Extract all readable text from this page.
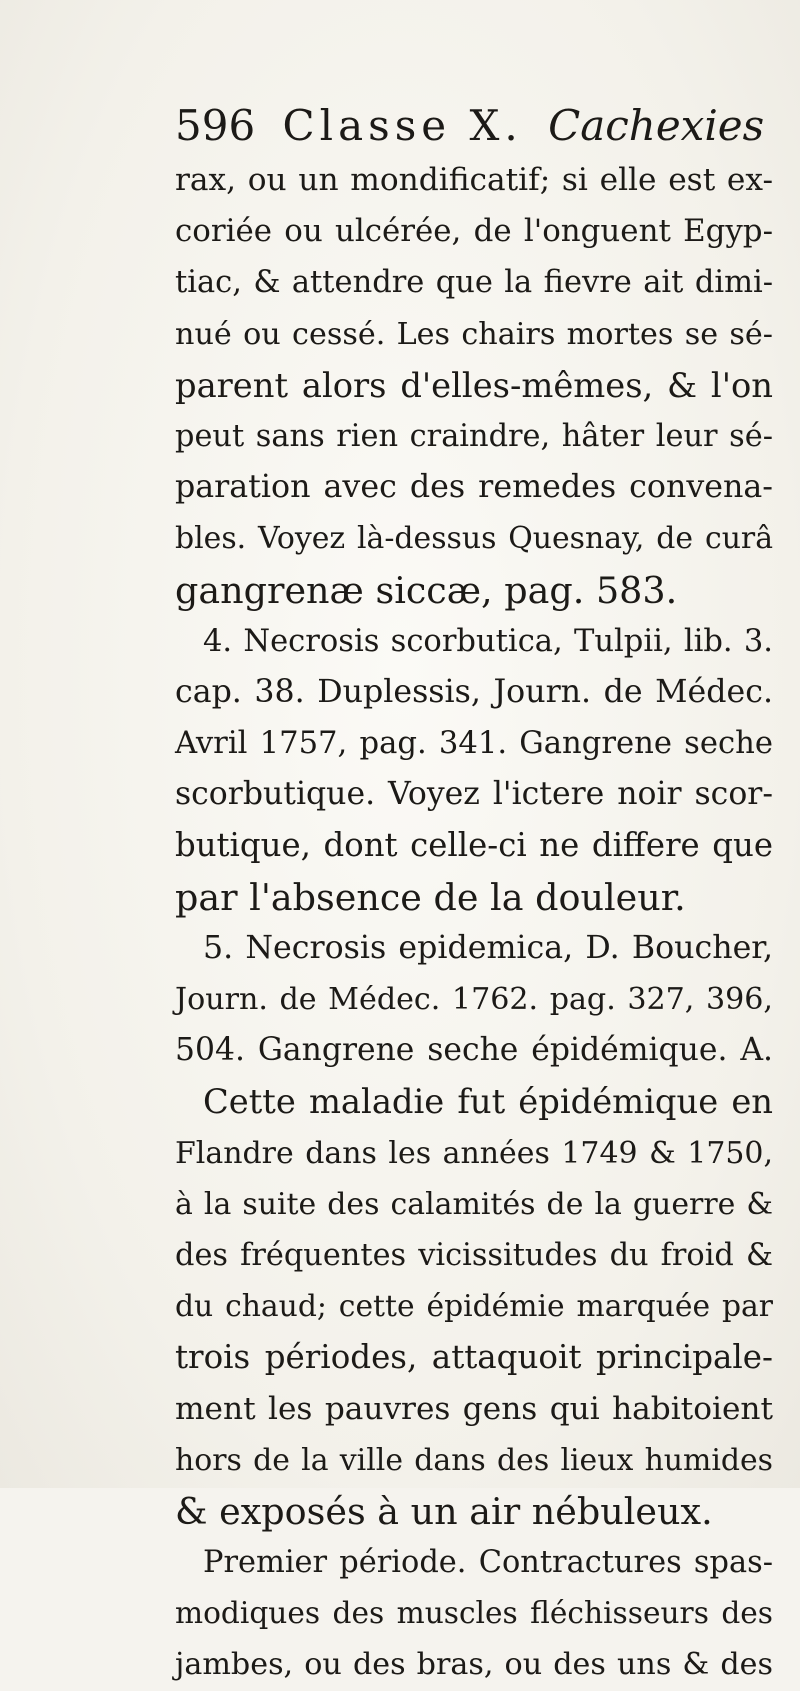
596 Classe X. Cachexies
rax, ou un mondificatif; si elle est ex-
coriée ou ulcérée, de l'onguent Egyp-
tiac, & attendre que la fievre ait dimi-
nué ou cessé. Les chairs mortes se sé-
parent alors d'elles-mêmes, & l'on
peut sans rien craindre, hâter leur sé-
paration avec des remedes convena-
bles. Voyez là-dessus Quesnay, de curâ
gangrenæ siccæ, pag. 583.
4. Necrosis scorbutica, Tulpii, lib. 3.
cap. 38. Duplessis, Journ. de Médec.
Avril 1757, pag. 341. Gangrene seche
scorbutique. Voyez l'ictere noir scor-
butique, dont celle-ci ne differe que
par l'absence de la douleur.
5. Necrosis epidemica, D. Boucher,
Journ. de Médec. 1762. pag. 327, 396,
504. Gangrene seche épidémique. A.
Cette maladie fut épidémique en
Flandre dans les années 1749 & 1750,
à la suite des calamités de la guerre &
des fréquentes vicissitudes du froid &
du chaud; cette épidémie marquée par
trois périodes, attaquoit principale-
ment les pauvres gens qui habitoient
hors de la ville dans des lieux humides
& exposés à un air nébuleux.
Premier période. Contractures spas-
modiques des muscles fléchisseurs des
jambes, ou des bras, ou des uns & des
